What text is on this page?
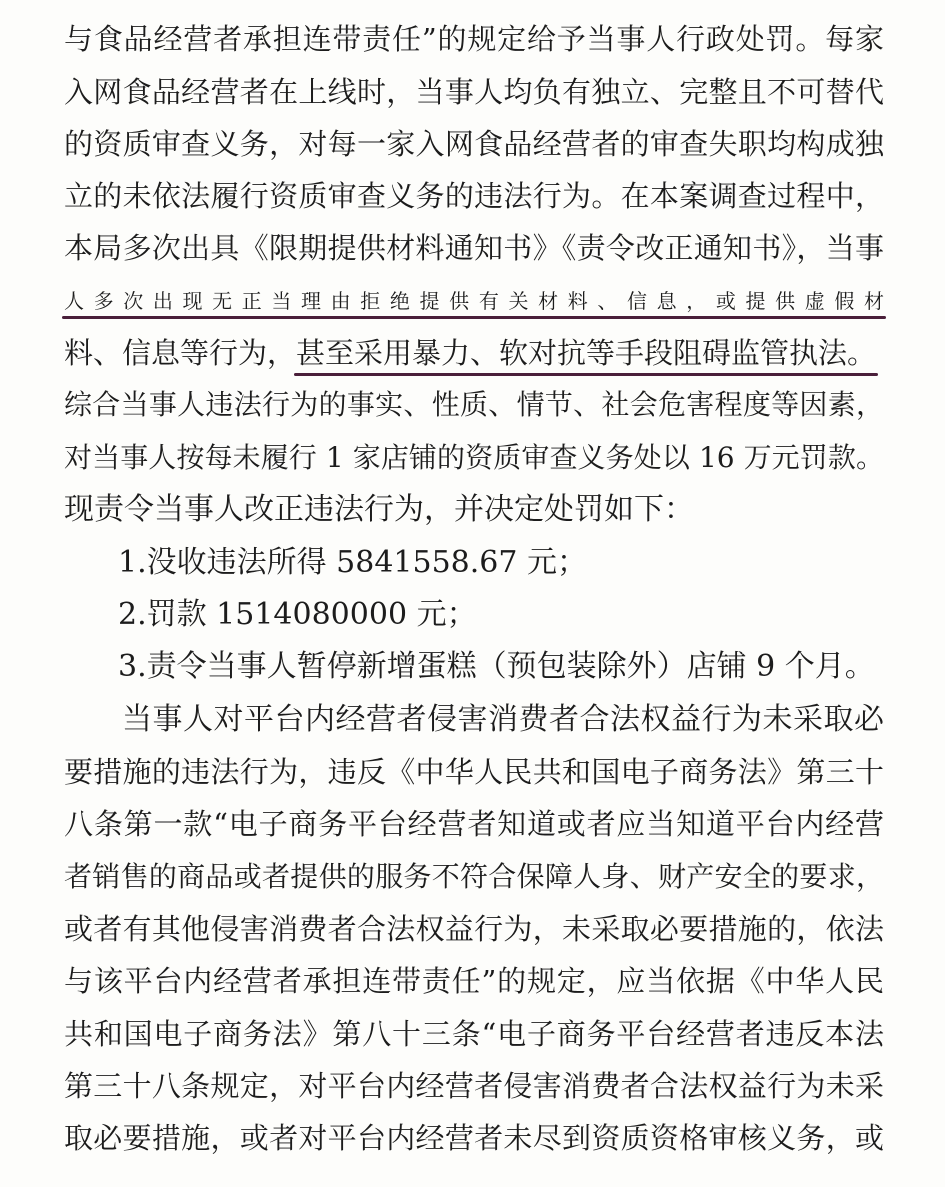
与食品经营者承担连带责任”的规定给予当事人行政处罚。每家
入网食品经营者在上线时，当事人均负有独立、完整且不可替代
的资质审查义务，对每一家入网食品经营者的审查失职均构成独
立的未依法履行资质审查义务的违法行为。在本案调查过程中，
本局多次出具《限期提供材料通知书》《责令改正通知书》，当事
人多次出现无正当理由拒绝提供有关材料、信息，或提供虚假材
料、信息等行为，甚至采用暴力、软对抗等手段阻碍监管执法。
综合当事人违法行为的事实、性质、情节、社会危害程度等因素，
对当事人按每未履行 1 家店铺的资质审查义务处以 16 万元罚款。
现责令当事人改正违法行为，并决定处罚如下：
1.没收违法所得 5841558.67 元；
2.罚款 1514080000 元；
3.责令当事人暂停新增蛋糕（预包装除外）店铺 9 个月。
当事人对平台内经营者侵害消费者合法权益行为未采取必
要措施的违法行为，违反《中华人民共和国电子商务法》第三十
八条第一款“电子商务平台经营者知道或者应当知道平台内经营
者销售的商品或者提供的服务不符合保障人身、财产安全的要求，
或者有其他侵害消费者合法权益行为，未采取必要措施的，依法
与该平台内经营者承担连带责任”的规定，应当依据《中华人民
共和国电子商务法》第八十三条“电子商务平台经营者违反本法
第三十八条规定，对平台内经营者侵害消费者合法权益行为未采
取必要措施，或者对平台内经营者未尽到资质资格审核义务，或
